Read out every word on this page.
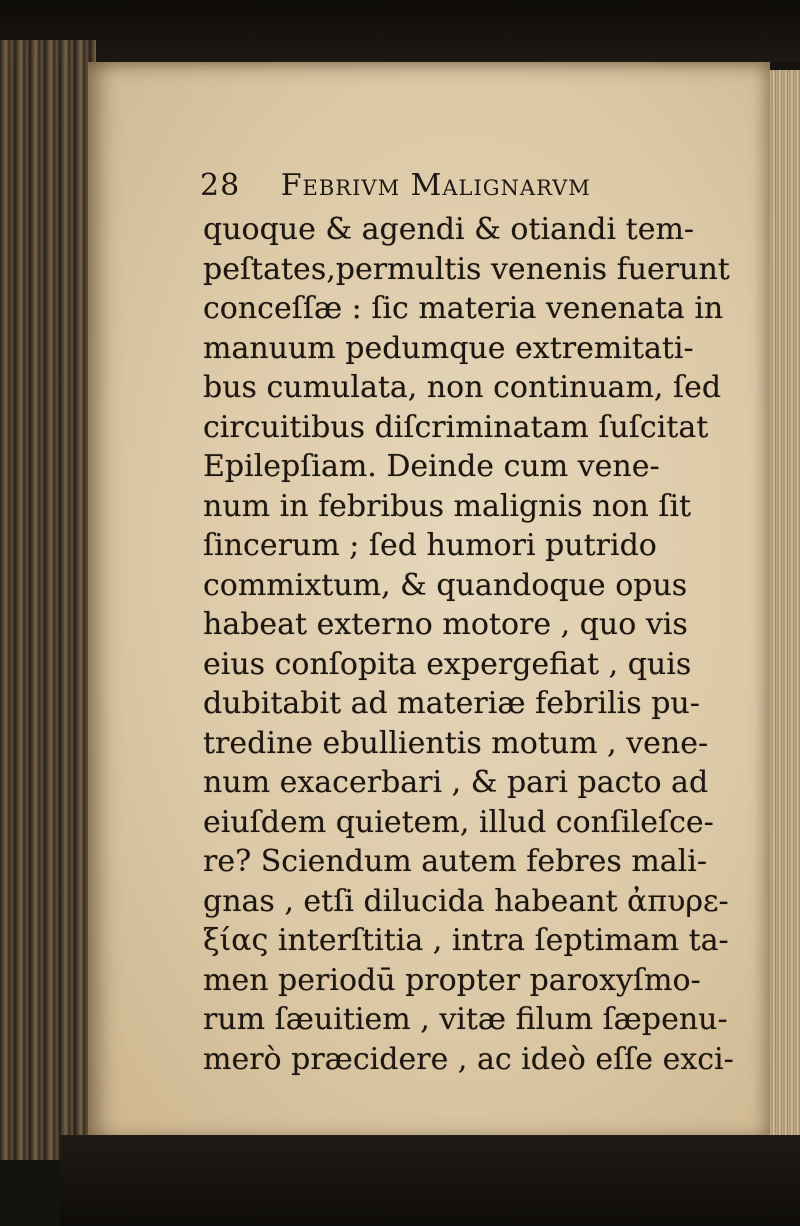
28 Febrivm Malignarvm
quoque & agendi & otiandi tem-
peſtates,permultis venenis fuerunt
conceſſæ : ſic materia venenata in
manuum pedumque extremitati-
bus cumulata, non continuam, ſed
circuitibus diſcriminatam ſuſcitat
Epilepſiam. Deinde cum vene-
num in febribus malignis non ſit
ſincerum ; ſed humori putrido
commixtum, & quandoque opus
habeat externo motore , quo vis
eius conſopita expergefiat , quis
dubitabit ad materiæ febrilis pu-
tredine ebullientis motum , vene-
num exacerbari , & pari pacto ad
eiuſdem quietem, illud conſileſce-
re? Sciendum autem febres mali-
gnas , etſi dilucida habeant ἀπυρε-
ξίας interſtitia , intra ſeptimam ta-
men periodū propter paroxyſmo-
rum ſæuitiem , vitæ filum ſæpenu-
merò præcidere , ac ideò eſſe exci-
